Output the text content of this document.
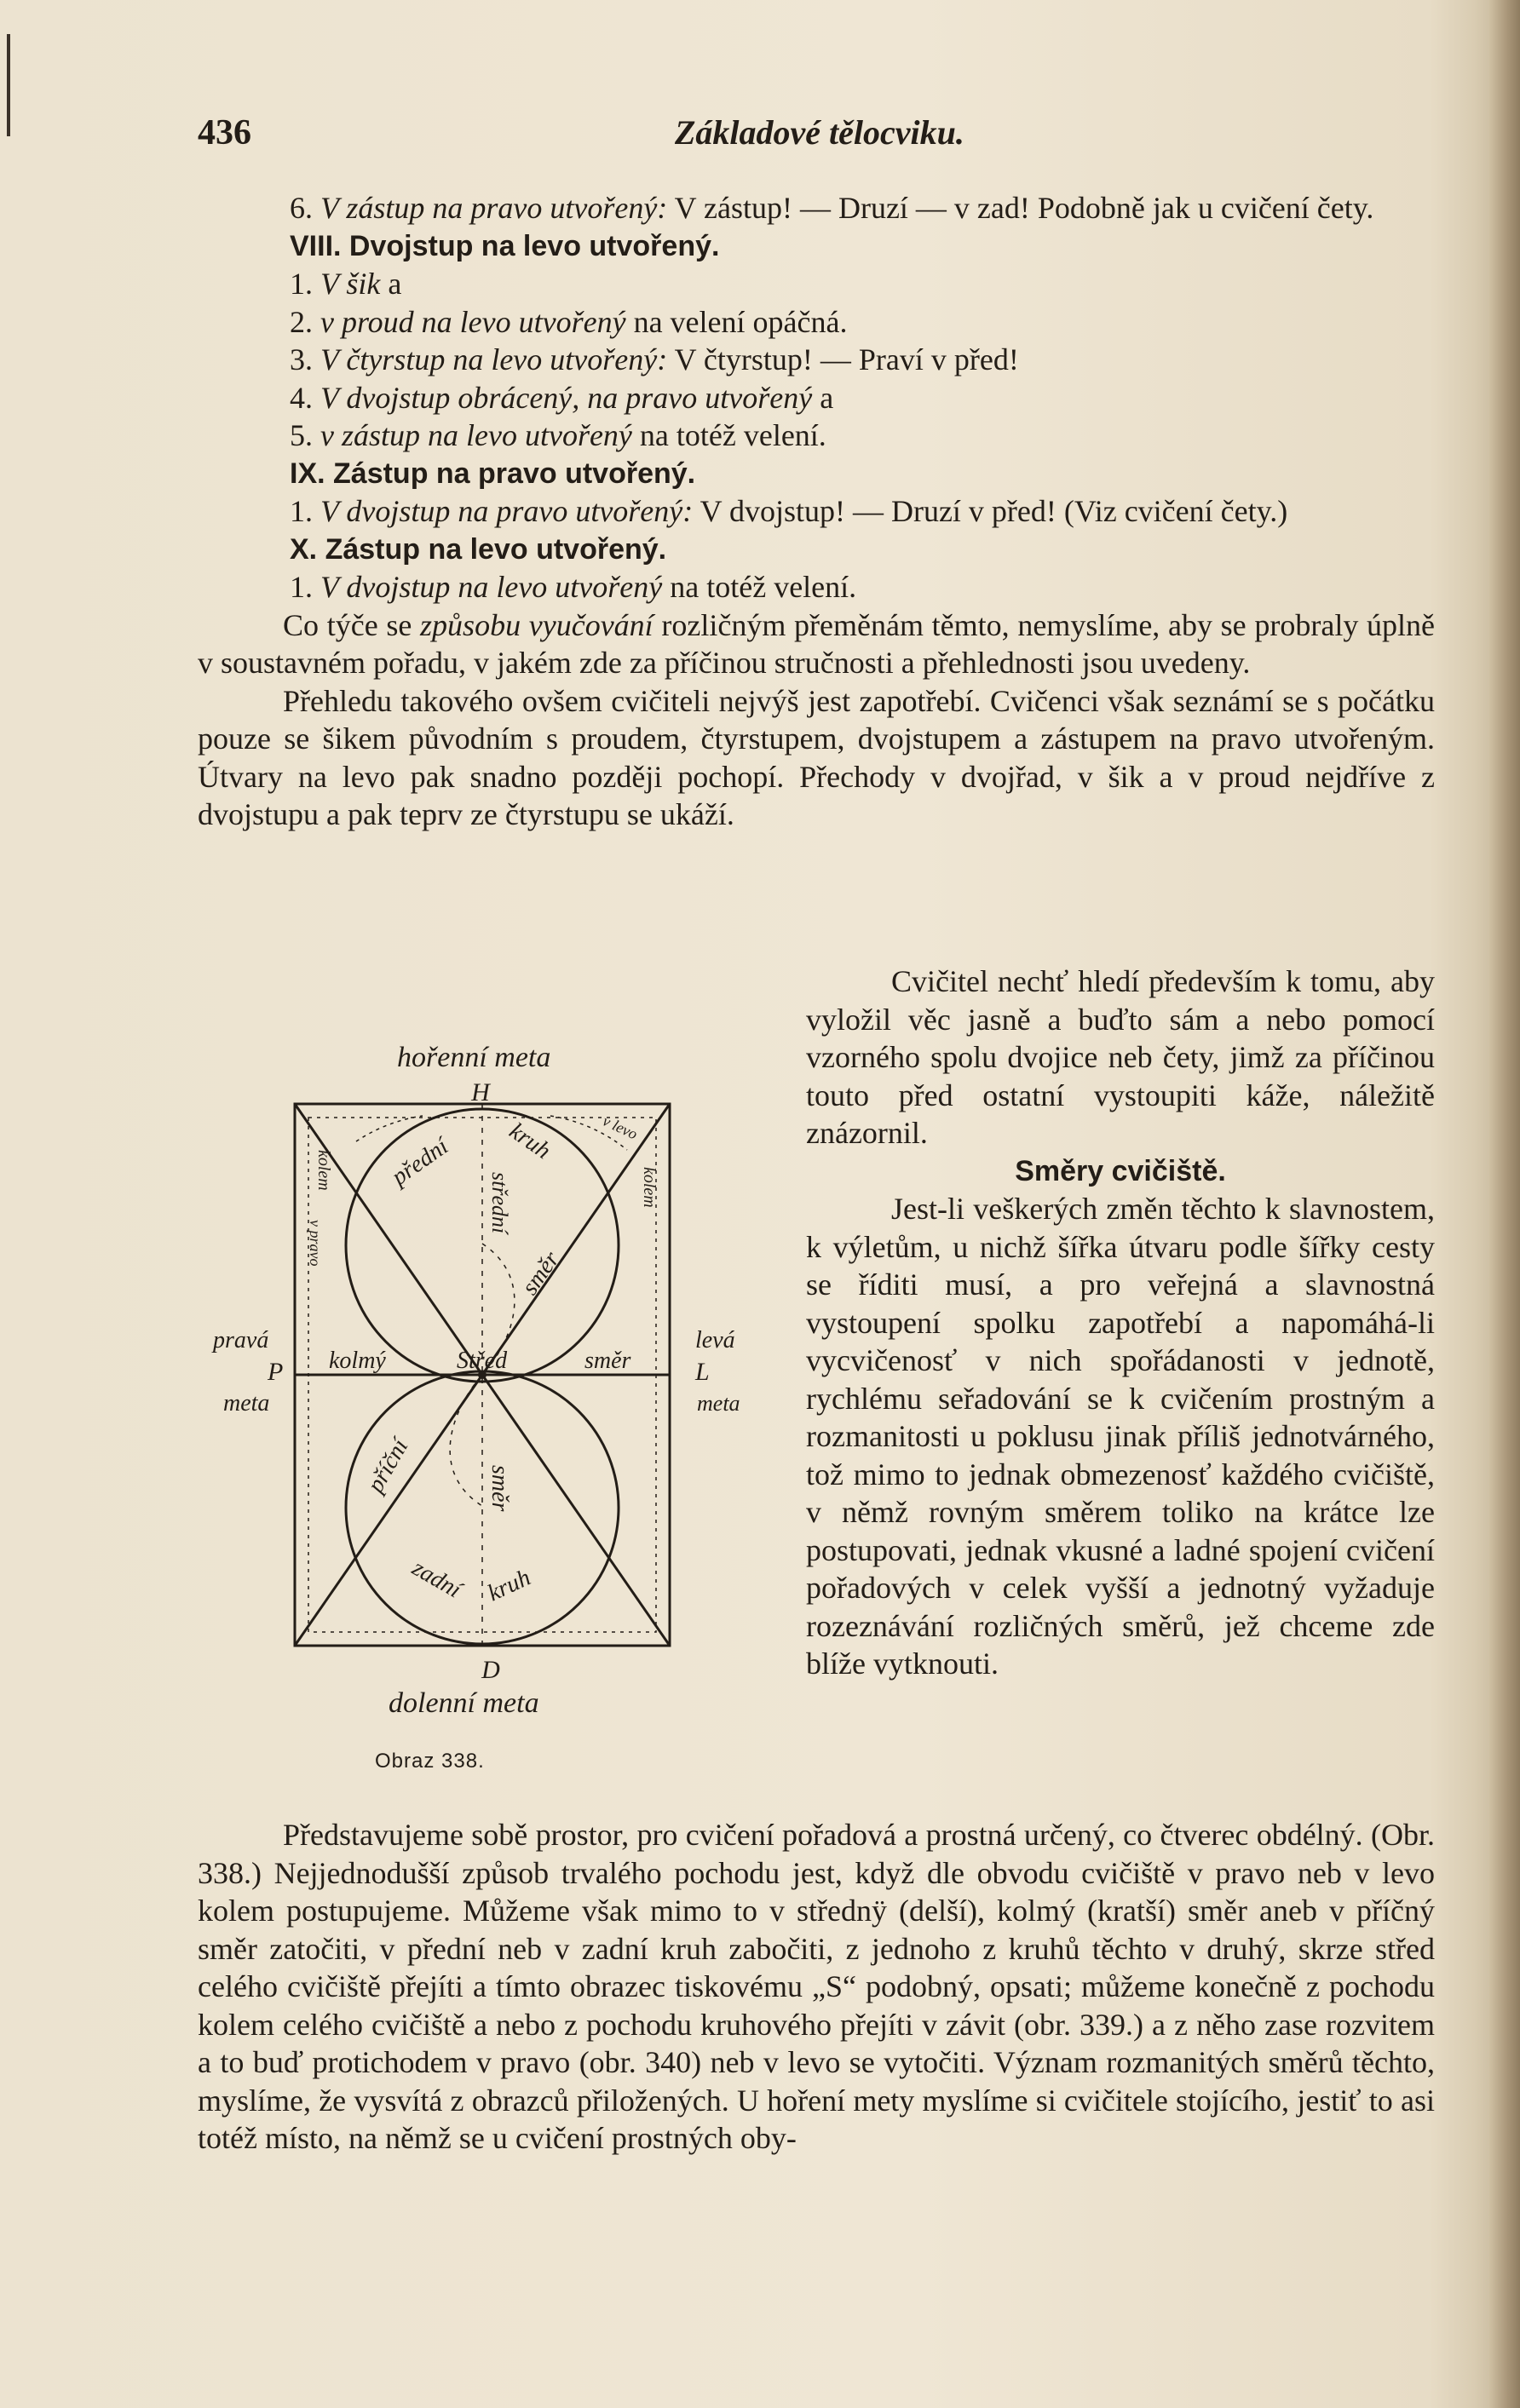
436	Základové tělocviku.

6. V zástup na pravo utvořený: V zástup! — Druzí — v zad! Podobně jak u cvičení čety.

VIII. Dvojstup na levo utvořený.

1. V šik a

2. v proud na levo utvořený na velení opáčná.

3. V čtyrstup na levo utvořený: V čtyrstup! — Praví v před!

4. V dvojstup obrácený, na pravo utvořený a

5. v zástup na levo utvořený na totéž velení.

IX. Zástup na pravo utvořený.

1. V dvojstup na pravo utvořený: V dvojstup! — Druzí v před! (Viz cvičení čety.)

X. Zástup na levo utvořený.

1. V dvojstup na levo utvořený na totéž velení.

Co týče se způsobu vyučování rozličným přeměnám těmto, nemyslíme, aby se probraly úplně v soustavném pořadu, v jakém zde za příčinou stručnosti a přehlednosti jsou uvedeny.

Přehledu takového ovšem cvičiteli nejvýš jest zapotřebí. Cvičenci však seznámí se s počátku pouze se šikem původním s proudem, čtyrstupem, dvojstupem a zástupem na pravo utvořeným. Útvary na levo pak snadno později pochopí. Přechody v dvojřad, v šik a v proud nejdříve z dvojstupu a pak teprv ze čtyrstupu se ukáží.

Cvičitel nechť hledí především k tomu, aby vyložil věc jasně a buďto sám a nebo pomocí vzorného spolu dvojice neb čety, jimž za příčinou touto před ostatní vystoupiti káže, náležitě znázornil.

Směry cvičiště.

Jest-li veškerých změn těchto k slavnostem, k výletům, u nichž šířka útvaru podle šířky cesty se říditi musí, a pro veřejná a slavnostná vystoupení spolku zapotřebí a napomáhá-li vycvičenosť v nich spořádanosti v jednotě, rychlému seřadování se k cvičením prostným a rozmanitosti u poklusu jinak příliš jednotvárného, tož mimo to jednak obmezenosť každého cvičiště, v němž rovným směrem toliko na krátce lze postupovati, jednak vkusné a ladné spojení cvičení pořadových v celek vyšší a jednotný vyžaduje rozeznávání rozličných směrů, jež chceme zde blíže vytknouti.

hořenní meta
H
D
dolenní meta
pravá
P
meta
levá
L
meta
kolem	kolem
v pravo
v levo
přední kruh
střední
směr
Střed
kolmý	směr
příční	směr
zadní kruh
Obraz 338.

Představujeme sobě prostor, pro cvičení pořadová a prostná určený, co čtverec obdélný. (Obr. 338.) Nejjednodušší způsob trvalého pochodu jest, když dle obvodu cvičiště v pravo neb v levo kolem postupujeme. Můžeme však mimo to v střednÿ (delší), kolmý (kratší) směr aneb v příčný směr zatočiti, v přední neb v zadní kruh zabočiti, z jednoho z kruhů těchto v druhý, skrze střed celého cvičiště přejíti a tímto obrazec tiskovému „S“ podobný, opsati; můžeme konečně z pochodu kolem celého cvičiště a nebo z pochodu kruhového přejíti v závit (obr. 339.) a z něho zase rozvitem a to buď protichodem v pravo (obr. 340) neb v levo se vytočiti. Význam rozmanitých směrů těchto, myslíme, že vysvítá z obrazců přiložených. U hoření mety myslíme si cvičitele stojícího, jestiť to asi totéž místo, na němž se u cvičení prostných oby-
